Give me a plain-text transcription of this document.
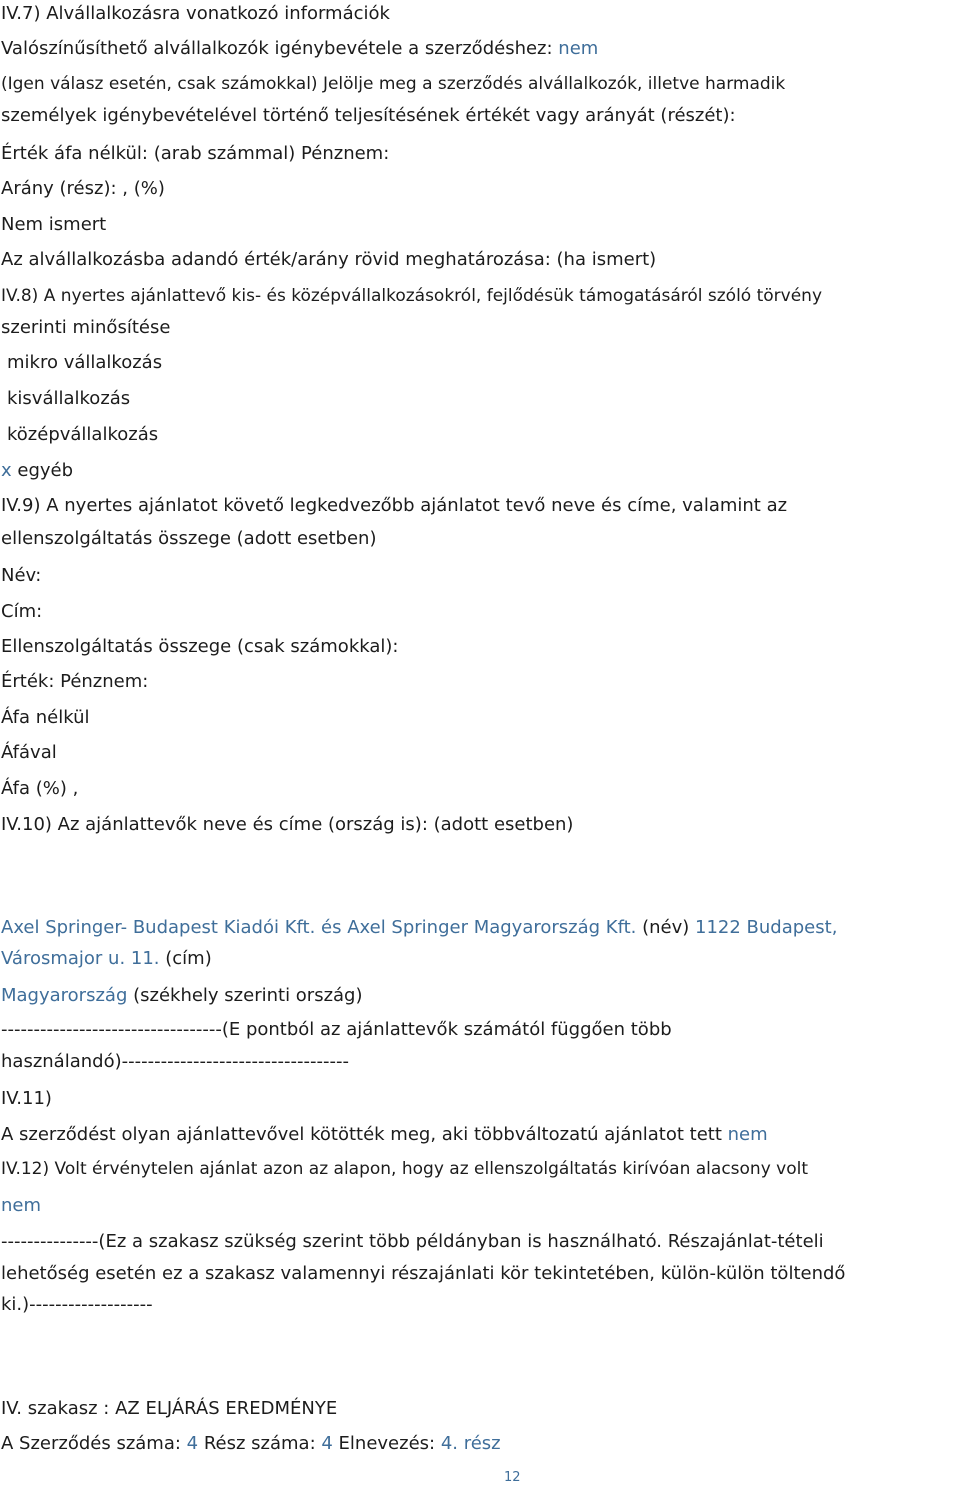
IV.7) Alvállalkozásra vonatkozó információk

Valószínűsíthető alvállalkozók igénybevétele a szerződéshez: nem

(Igen válasz esetén, csak számokkal) Jelölje meg a szerződés alvállalkozók, illetve harmadik

személyek igénybevételével történő teljesítésének értékét vagy arányát (részét):

Érték áfa nélkül: (arab számmal) Pénznem:

Arány (rész): , (%)

Nem ismert

Az alvállalkozásba adandó érték/arány rövid meghatározása: (ha ismert)

IV.8) A nyertes ajánlattevő kis- és középvállalkozásokról, fejlődésük támogatásáról szóló törvény

szerinti minősítése

mikro vállalkozás

kisvállalkozás

középvállalkozás

x egyéb

IV.9) A nyertes ajánlatot követő legkedvezőbb ajánlatot tevő neve és címe, valamint az

ellenszolgáltatás összege (adott esetben)

Név:

Cím:

Ellenszolgáltatás összege (csak számokkal):

Érték: Pénznem:

Áfa nélkül

Áfával

Áfa (%) ,

IV.10) Az ajánlattevők neve és címe (ország is): (adott esetben)

Axel Springer- Budapest Kiadói Kft. és Axel Springer Magyarország Kft. (név) 1122 Budapest,

Városmajor u. 11. (cím)

Magyarország (székhely szerinti ország)

----------------------------------(E pontból az ajánlattevők számától függően több

használandó)-----------------------------------

IV.11)

A szerződést olyan ajánlattevővel kötötték meg, aki többváltozatú ajánlatot tett nem

IV.12) Volt érvénytelen ajánlat azon az alapon, hogy az ellenszolgáltatás kirívóan alacsony volt

nem

---------------(Ez a szakasz szükség szerint több példányban is használható. Részajánlat-tételi

lehetőség esetén ez a szakasz valamennyi részajánlati kör tekintetében, külön-külön töltendő

ki.)-------------------

IV. szakasz : AZ ELJÁRÁS EREDMÉNYE

A Szerződés száma: 4 Rész száma: 4 Elnevezés: 4. rész

12
